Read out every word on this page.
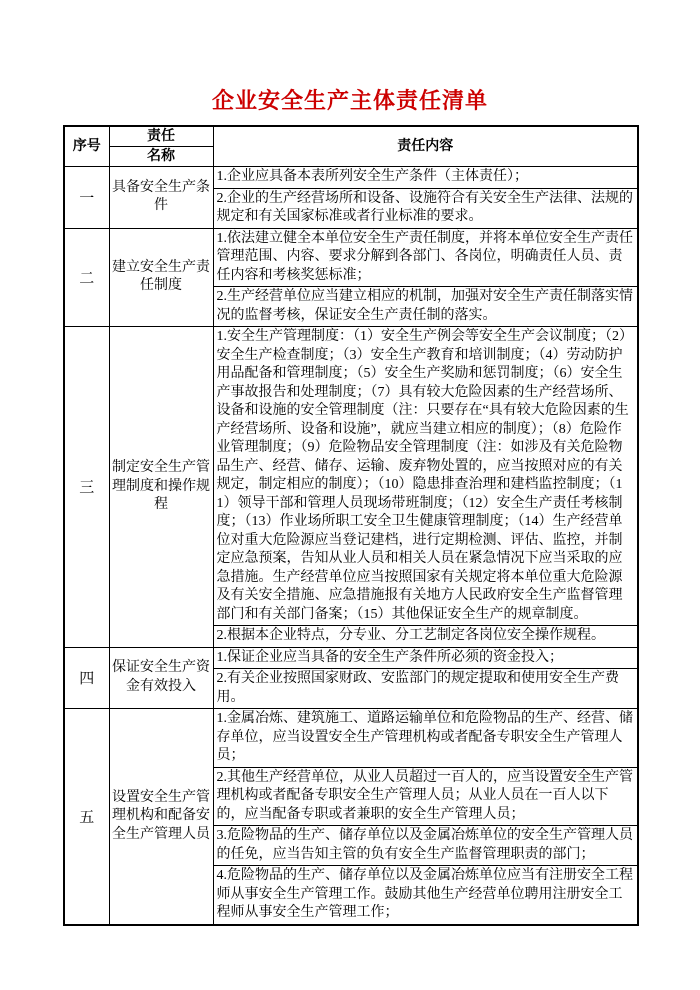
企业安全生产主体责任清单
序号	责任	责任内容
	名称	
一	具备安全生产条件	1.企业应具备本表所列安全生产条件（主体责任）；
		2.企业的生产经营场所和设备、设施符合有关安全生产法律、法规的规定和有关国家标准或者行业标准的要求。
二	建立安全生产责任制度	1.依法建立健全本单位安全生产责任制度，并将本单位安全生产责任管理范围、内容、要求分解到各部门、各岗位，明确责任人员、责任内容和考核奖惩标准；
		2.生产经营单位应当建立相应的机制，加强对安全生产责任制落实情况的监督考核，保证安全生产责任制的落实。
三	制定安全生产管理制度和操作规程	1.安全生产管理制度：（1）安全生产例会等安全生产会议制度；（2）安全生产检查制度；（3）安全生产教育和培训制度；（4）劳动防护用品配备和管理制度；（5）安全生产奖励和惩罚制度；（6）安全生产事故报告和处理制度；（7）具有较大危险因素的生产经营场所、设备和设施的安全管理制度（注：只要存在“具有较大危险因素的生产经营场所、设备和设施”，就应当建立相应的制度）；（8）危险作业管理制度；（9）危险物品安全管理制度（注：如涉及有关危险物品生产、经营、储存、运输、废弃物处置的，应当按照对应的有关规定，制定相应的制度）；（10）隐患排查治理和建档监控制度；（11）领导干部和管理人员现场带班制度；（12）安全生产责任考核制度；（13）作业场所职工安全卫生健康管理制度；（14）生产经营单位对重大危险源应当登记建档，进行定期检测、评估、监控，并制定应急预案，告知从业人员和相关人员在紧急情况下应当采取的应急措施。生产经营单位应当按照国家有关规定将本单位重大危险源及有关安全措施、应急措施报有关地方人民政府安全生产监督管理部门和有关部门备案；（15）其他保证安全生产的规章制度。
		2.根据本企业特点，分专业、分工艺制定各岗位安全操作规程。
四	保证安全生产资金有效投入	1.保证企业应当具备的安全生产条件所必须的资金投入；
		2.有关企业按照国家财政、安监部门的规定提取和使用安全生产费用。
五	设置安全生产管理机构和配备安全生产管理人员	1.金属冶炼、建筑施工、道路运输单位和危险物品的生产、经营、储存单位，应当设置安全生产管理机构或者配备专职安全生产管理人员；
		2.其他生产经营单位，从业人员超过一百人的，应当设置安全生产管理机构或者配备专职安全生产管理人员；从业人员在一百人以下的，应当配备专职或者兼职的安全生产管理人员；
		3.危险物品的生产、储存单位以及金属冶炼单位的安全生产管理人员的任免，应当告知主管的负有安全生产监督管理职责的部门；
		4.危险物品的生产、储存单位以及金属冶炼单位应当有注册安全工程师从事安全生产管理工作。鼓励其他生产经营单位聘用注册安全工程师从事安全生产管理工作；
